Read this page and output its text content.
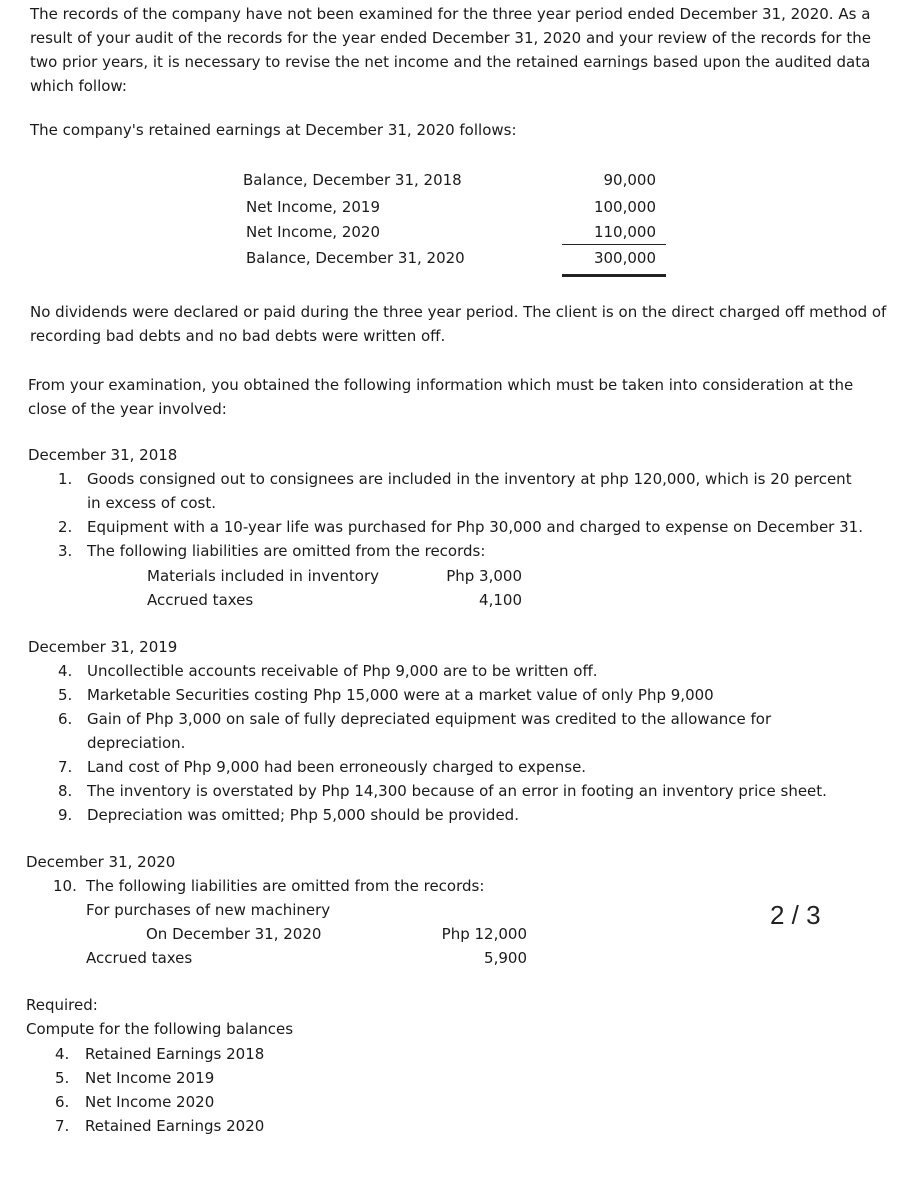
The records of the company have not been examined for the three year period ended December 31, 2020. As a result of your audit of the records for the year ended December 31, 2020 and your review of the records for the two prior years, it is necessary to revise the net income and the retained earnings based upon the audited data which follow:
The company's retained earnings at December 31, 2020 follows:
Balance, December 31, 2018	90,000
Net Income, 2019	100,000
Net Income, 2020	110,000
Balance, December 31, 2020	300,000
No dividends were declared or paid during the three year period. The client is on the direct charged off method of recording bad debts and no bad debts were written off.
From your examination, you obtained the following information which must be taken into consideration at the close of the year involved:
December 31, 2018
1. Goods consigned out to consignees are included in the inventory at php 120,000, which is 20 percent
in excess of cost.
2. Equipment with a 10-year life was purchased for Php 30,000 and charged to expense on December 31.
3. The following liabilities are omitted from the records:
Materials included in inventory	Php 3,000
Accrued taxes	4,100
December 31, 2019
4. Uncollectible accounts receivable of Php 9,000 are to be written off.
5. Marketable Securities costing Php 15,000 were at a market value of only Php 9,000
6. Gain of Php 3,000 on sale of fully depreciated equipment was credited to the allowance for
depreciation.
7. Land cost of Php 9,000 had been erroneously charged to expense.
8. The inventory is overstated by Php 14,300 because of an error in footing an inventory price sheet.
9. Depreciation was omitted; Php 5,000 should be provided.
December 31, 2020
10. The following liabilities are omitted from the records:
For purchases of new machinery
On December 31, 2020	Php 12,000
Accrued taxes	5,900
2 / 3
Required:
Compute for the following balances
4. Retained Earnings 2018
5. Net Income 2019
6. Net Income 2020
7. Retained Earnings 2020
